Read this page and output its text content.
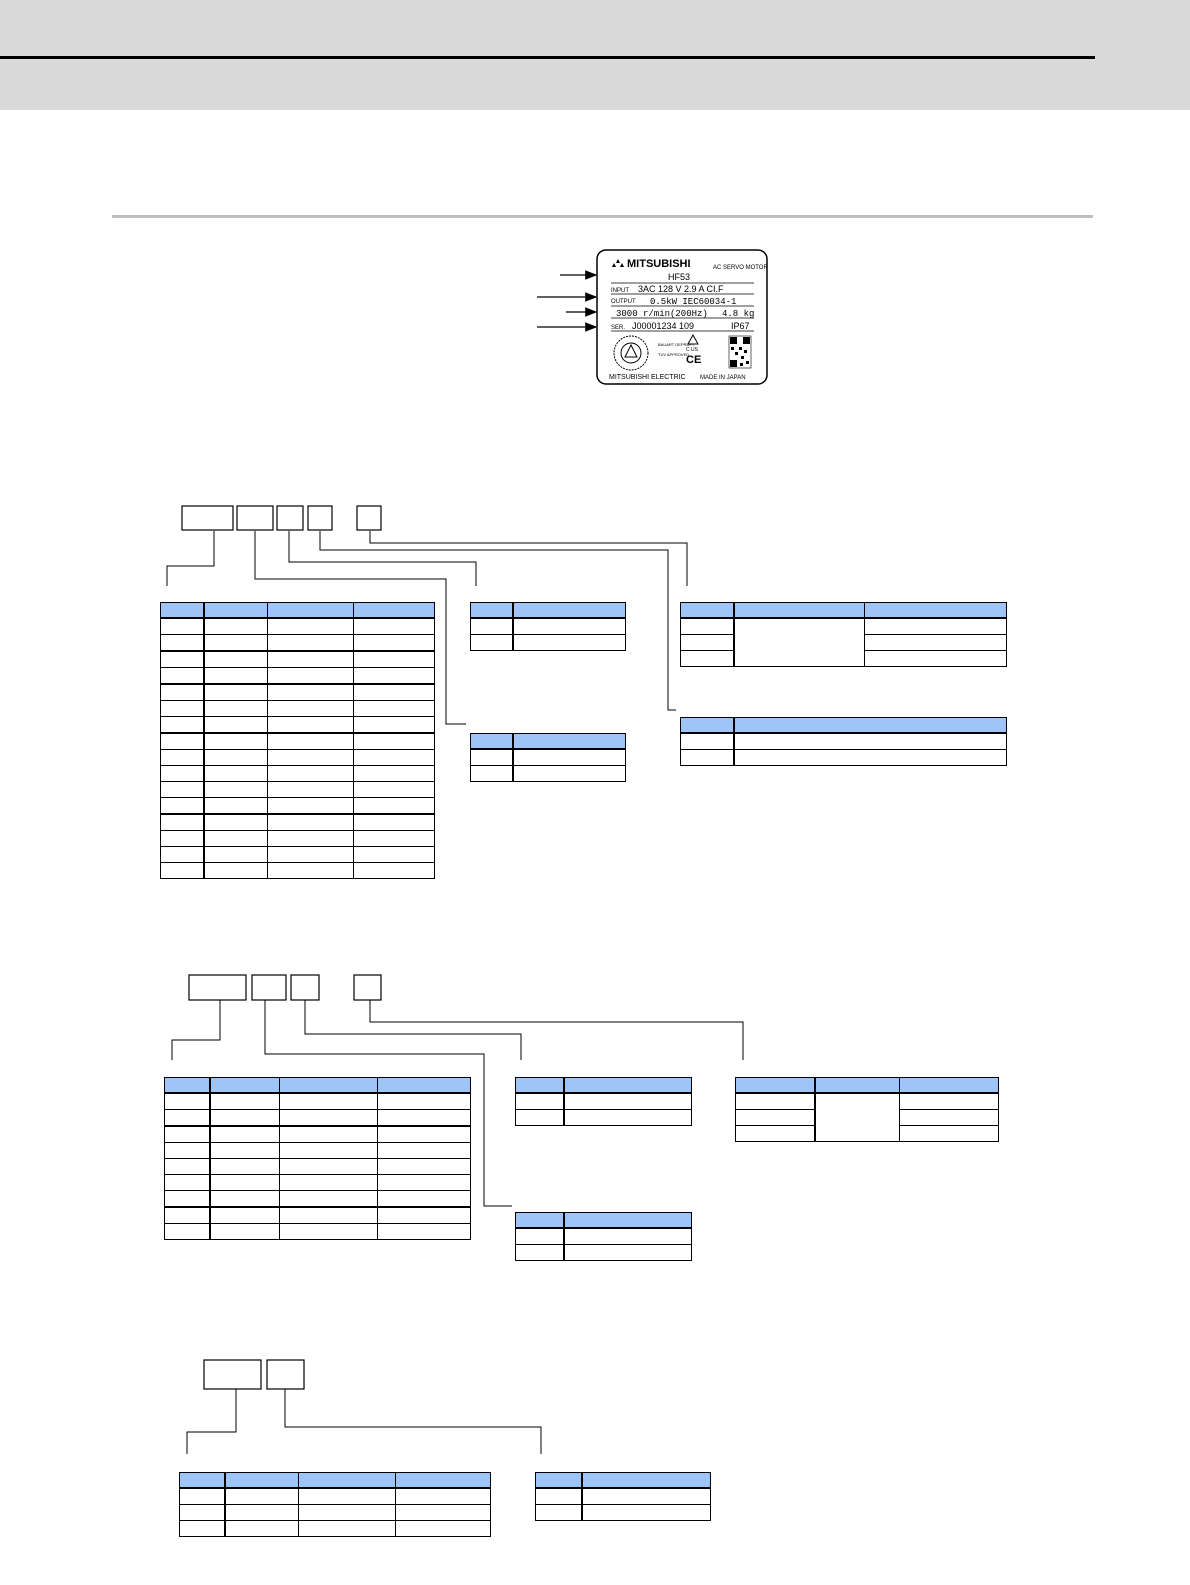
MITSUBISHI	AC SERVO MOTOR
HF53
INPUT 3AC 128 V 2.9 A CI.F
OUTPUT 0.5kW IEC60034-1
3000 r/min(200Hz) 4.8 kg
SER. J00001234 109	IP67
BAUART GEPRÜFT
TÜV APPROVED
C US
CE
MITSUBISHI ELECTRIC MADE IN JAPAN
